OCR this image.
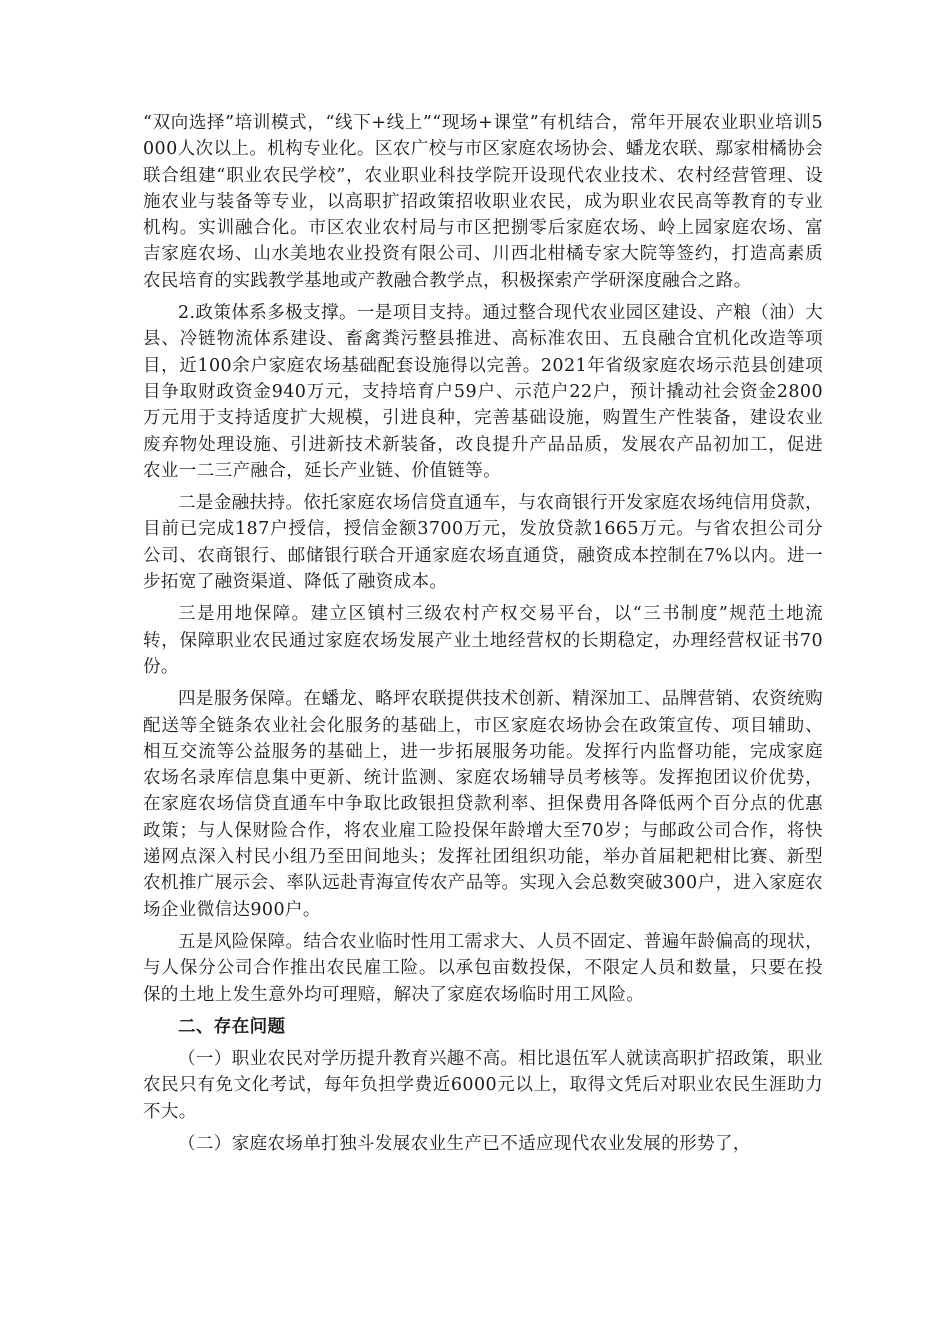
“双向选择”培训模式，“线下+线上”“现场+课堂”有机结合，常年开展农业职业培训5000人次以上。机构专业化。区农广校与市区家庭农场协会、蟠龙农联、鄢家柑橘协会联合组建“职业农民学校”，农业职业科技学院开设现代农业技术、农村经营管理、设施农业与装备等专业，以高职扩招政策招收职业农民，成为职业农民高等教育的专业机构。实训融合化。市区农业农村局与市区把捌零后家庭农场、岭上园家庭农场、富吉家庭农场、山水美地农业投资有限公司、川西北柑橘专家大院等签约，打造高素质农民培育的实践教学基地或产教融合教学点，积极探索产学研深度融合之路。

2.政策体系多极支撑。一是项目支持。通过整合现代农业园区建设、产粮（油）大县、冷链物流体系建设、畜禽粪污整县推进、高标准农田、五良融合宜机化改造等项目，近100余户家庭农场基础配套设施得以完善。2021年省级家庭农场示范县创建项目争取财政资金940万元，支持培育户59户、示范户22户，预计撬动社会资金2800万元用于支持适度扩大规模，引进良种，完善基础设施，购置生产性装备，建设农业废弃物处理设施、引进新技术新装备，改良提升产品品质，发展农产品初加工，促进农业一二三产融合，延长产业链、价值链等。

二是金融扶持。依托家庭农场信贷直通车，与农商银行开发家庭农场纯信用贷款，目前已完成187户授信，授信金额3700万元，发放贷款1665万元。与省农担公司分公司、农商银行、邮储银行联合开通家庭农场直通贷，融资成本控制在7%以内。进一步拓宽了融资渠道、降低了融资成本。

三是用地保障。建立区镇村三级农村产权交易平台，以“三书制度”规范土地流转，保障职业农民通过家庭农场发展产业土地经营权的长期稳定，办理经营权证书70份。

四是服务保障。在蟠龙、略坪农联提供技术创新、精深加工、品牌营销、农资统购配送等全链条农业社会化服务的基础上，市区家庭农场协会在政策宣传、项目辅助、相互交流等公益服务的基础上，进一步拓展服务功能。发挥行内监督功能，完成家庭农场名录库信息集中更新、统计监测、家庭农场辅导员考核等。发挥抱团议价优势，在家庭农场信贷直通车中争取比政银担贷款利率、担保费用各降低两个百分点的优惠政策；与人保财险合作，将农业雇工险投保年龄增大至70岁；与邮政公司合作，将快递网点深入村民小组乃至田间地头；发挥社团组织功能，举办首届耙耙柑比赛、新型农机推广展示会、率队远赴青海宣传农产品等。实现入会总数突破300户，进入家庭农场企业微信达900户。

五是风险保障。结合农业临时性用工需求大、人员不固定、普遍年龄偏高的现状，与人保分公司合作推出农民雇工险。以承包亩数投保，不限定人员和数量，只要在投保的土地上发生意外均可理赔，解决了家庭农场临时用工风险。

二、存在问题

（一）职业农民对学历提升教育兴趣不高。相比退伍军人就读高职扩招政策，职业农民只有免文化考试，每年负担学费近6000元以上，取得文凭后对职业农民生涯助力不大。

（二）家庭农场单打独斗发展农业生产已不适应现代农业发展的形势了，
